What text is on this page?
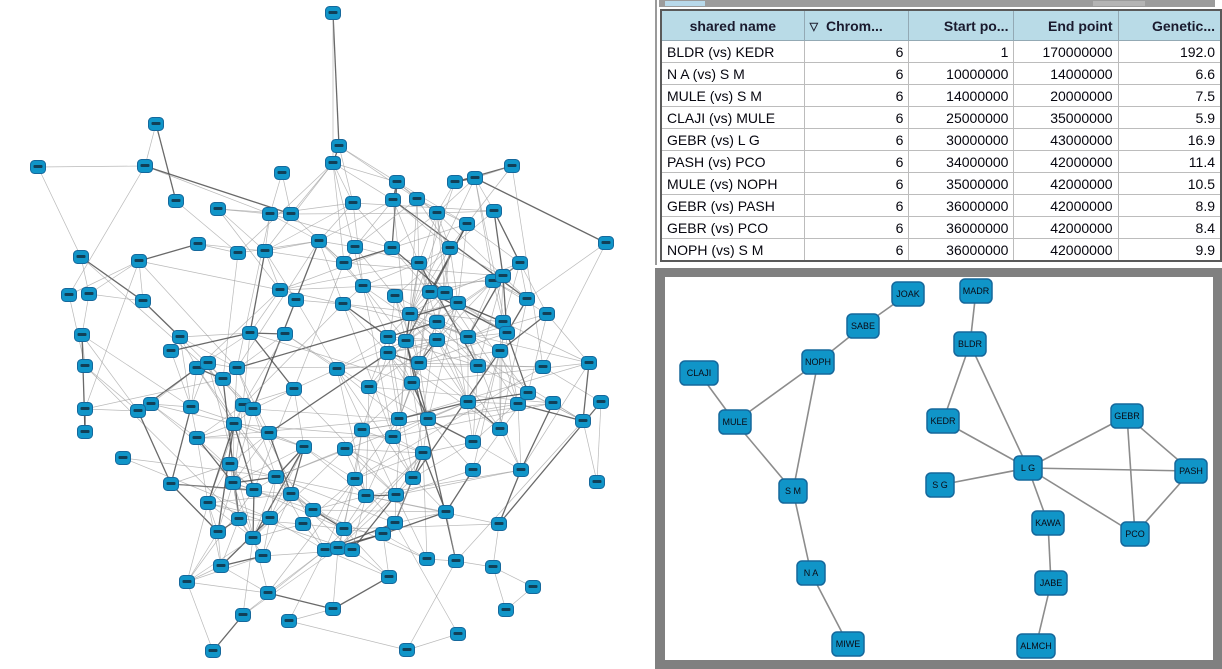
shared name	▽ Chrom...	Start po...	End point	Genetic...
BLDR (vs) KEDR	6	1	170000000	192.0
N A (vs) S M	6	10000000	14000000	6.6
MULE (vs) S M	6	14000000	20000000	7.5
CLAJI (vs) MULE	6	25000000	35000000	5.9
GEBR (vs) L G	6	30000000	43000000	16.9
PASH (vs) PCO	6	34000000	42000000	11.4
MULE (vs) NOPH	6	35000000	42000000	10.5
GEBR (vs) PASH	6	36000000	42000000	8.9
GEBR (vs) PCO	6	36000000	42000000	8.4
NOPH (vs) S M	6	36000000	42000000	9.9
JOAK	MADR
SABE
NOPH
BLDR
CLAJI
MULE	KEDR	GEBR
L G	PASH
S G
S M
KAWA
PCO
N A
JABE
MIWE	ALMCH
